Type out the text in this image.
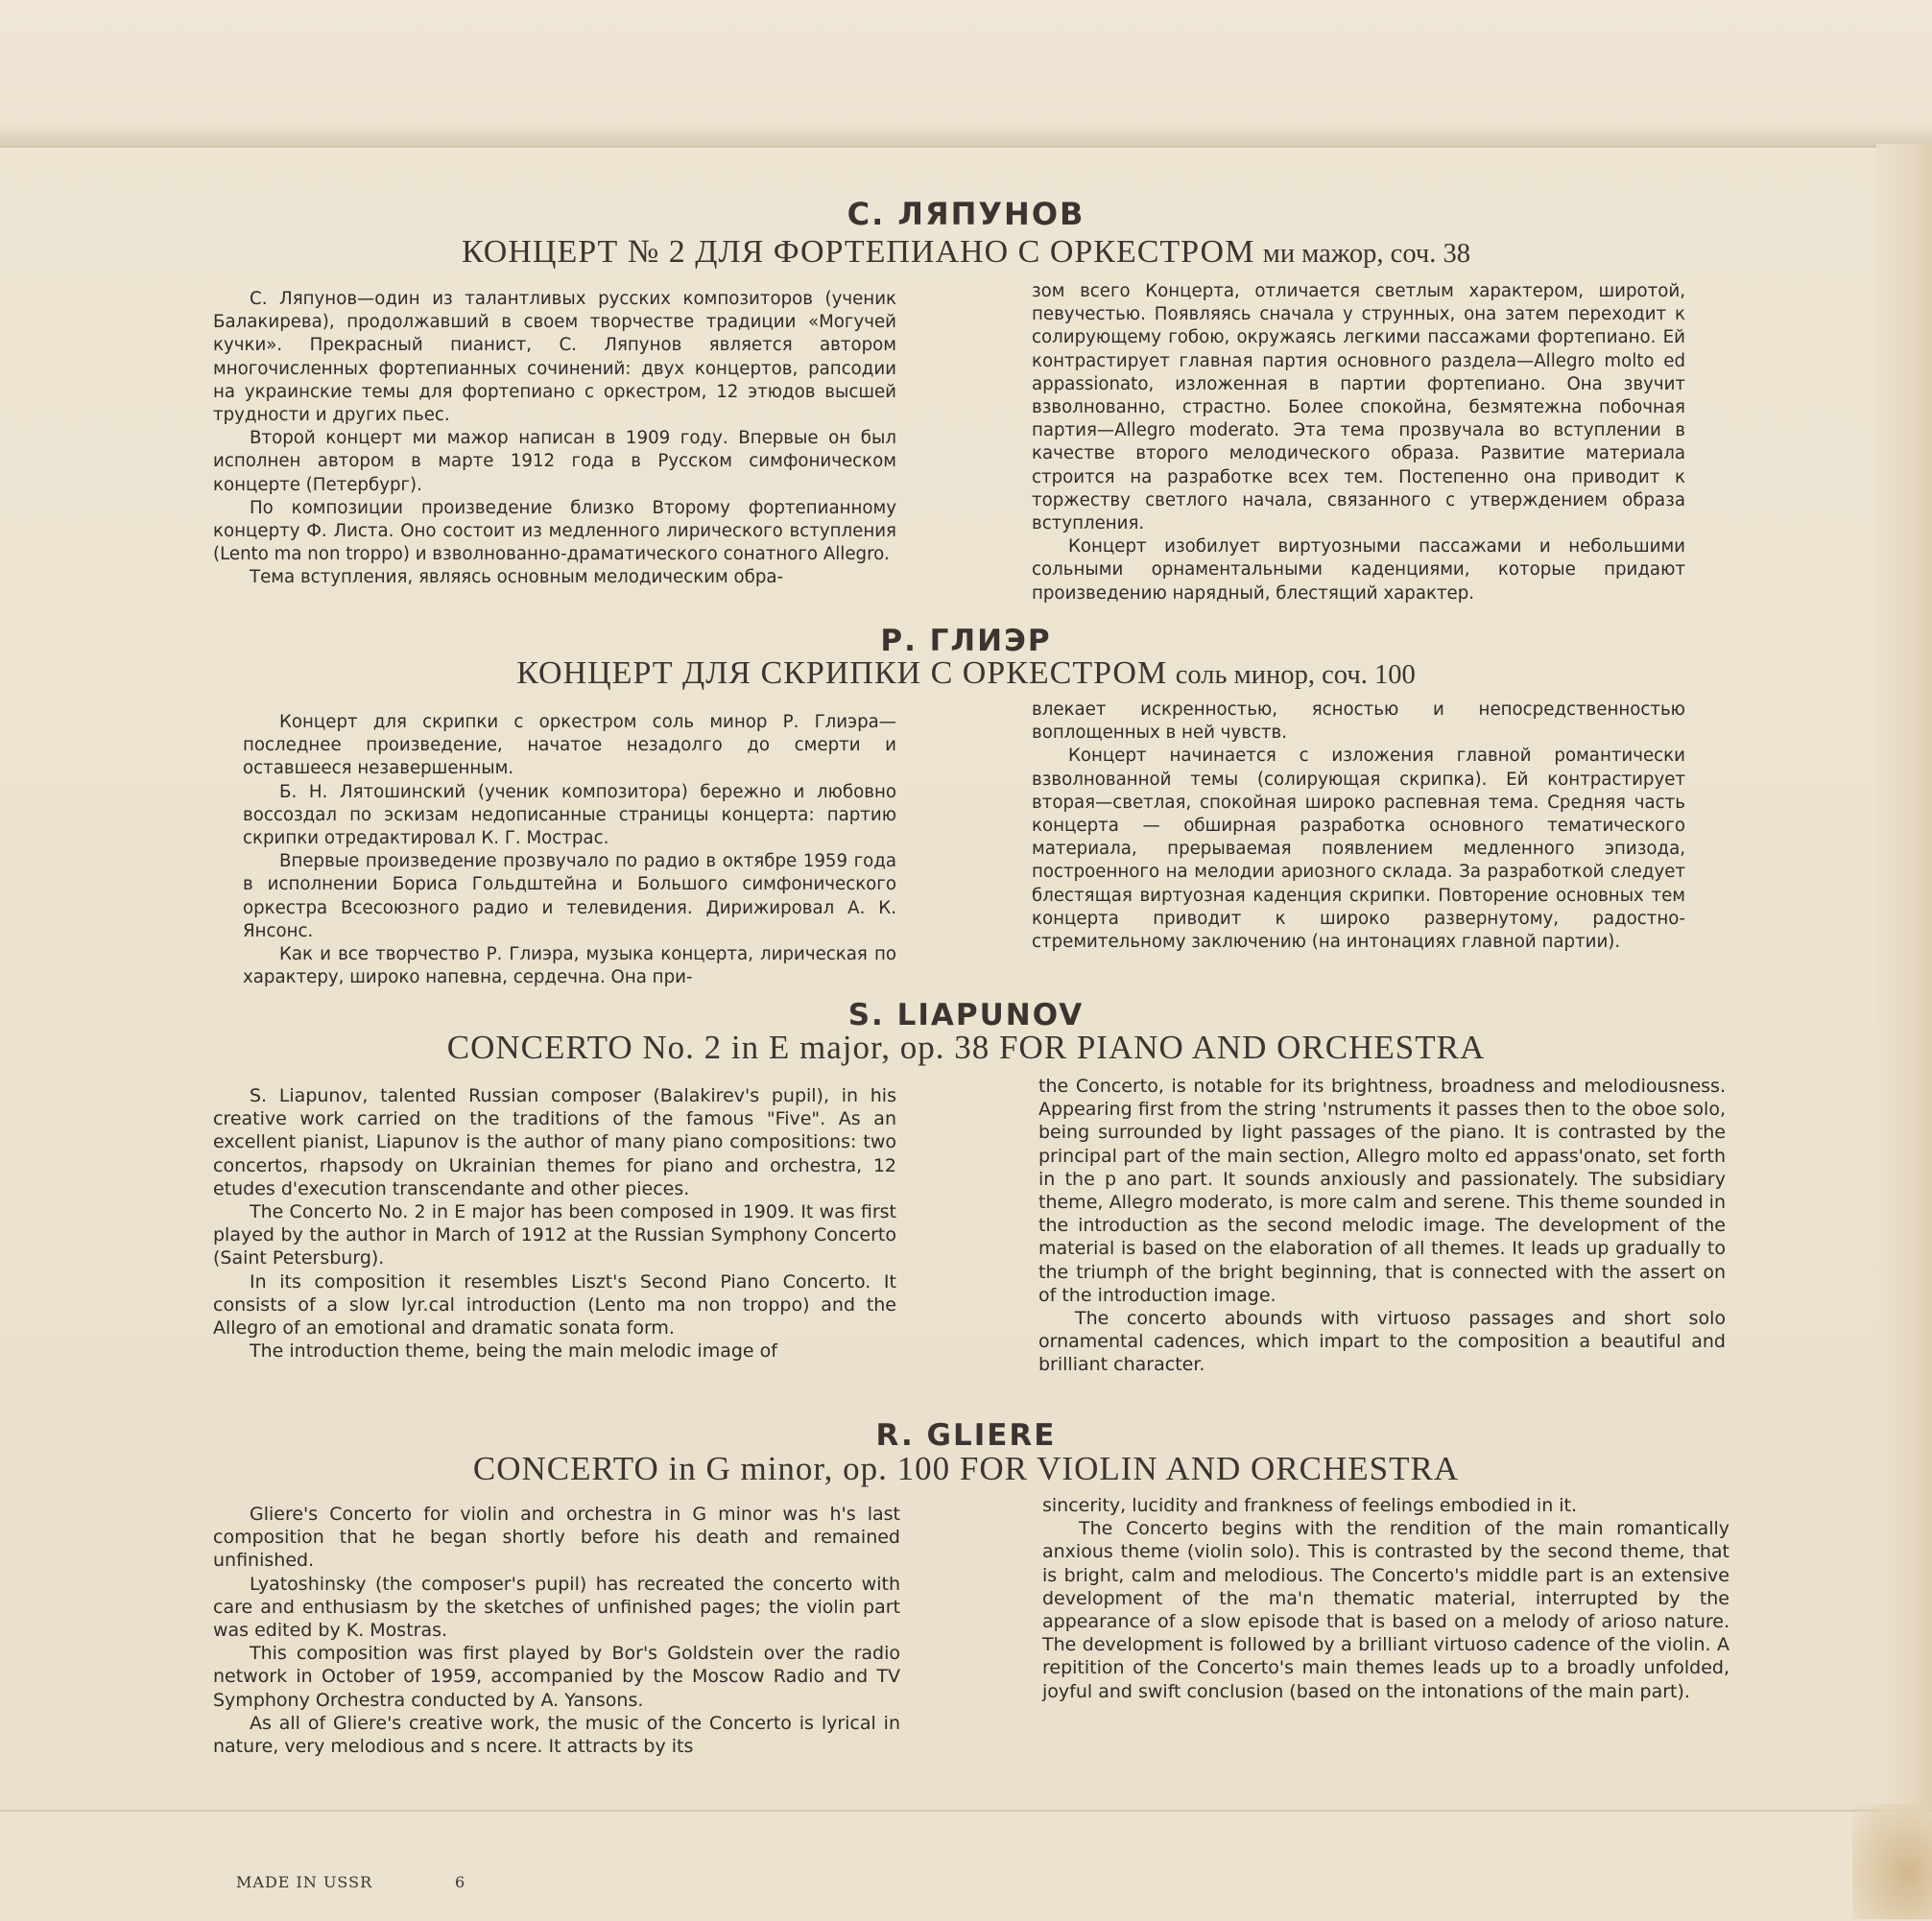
С. ЛЯПУНОВ
КОНЦЕРТ № 2 ДЛЯ ФОРТЕПИАНО С ОРКЕСТРОМ ми мажор, соч. 38

С. Ляпунов—один из талантливых русских композиторов (ученик Балакирева), продолжавший в своем творчестве традиции «Могучей кучки». Прекрасный пианист, С. Ляпунов является автором многочисленных фортепианных сочинений: двух концертов, рапсодии на украинские темы для фортепиано с оркестром, 12 этюдов высшей трудности и других пьес.

Второй концерт ми мажор написан в 1909 году. Впервые он был исполнен автором в марте 1912 года в Русском симфоническом концерте (Петербург).

По композиции произведение близко Второму фортепианному концерту Ф. Листа. Оно состоит из медленного лирического вступления (Lento ma non troppo) и взволнованно-драматического сонатного Allegro.

Тема вступления, являясь основным мелодическим обра-

зом всего Концерта, отличается светлым характером, широтой, певучестью. Появляясь сначала у струнных, она затем переходит к солирующему гобою, окружаясь легкими пассажами фортепиано. Ей контрастирует главная партия основного раздела—Allegro molto ed appassionato, изложенная в партии фортепиано. Она звучит взволнованно, страстно. Более спокойна, безмятежна побочная партия—Allegro moderato. Эта тема прозвучала во вступлении в качестве второго мелодического образа. Развитие материала строится на разработке всех тем. Постепенно она приводит к торжеству светлого начала, связанного с утверждением образа вступления.

Концерт изобилует виртуозными пассажами и небольшими сольными орнаментальными каденциями, которые придают произведению нарядный, блестящий характер.

Р. ГЛИЭР
КОНЦЕРТ ДЛЯ СКРИПКИ С ОРКЕСТРОМ соль минор, соч. 100

Концерт для скрипки с оркестром соль минор Р. Глиэра—последнее произведение, начатое незадолго до смерти и оставшееся незавершенным.

Б. Н. Лятошинский (ученик композитора) бережно и любовно воссоздал по эскизам недописанные страницы концерта: партию скрипки отредактировал К. Г. Мострас.

Впервые произведение прозвучало по радио в октябре 1959 года в исполнении Бориса Гольдштейна и Большого симфонического оркестра Всесоюзного радио и телевидения. Дирижировал А. К. Янсонс.

Как и все творчество Р. Глиэра, музыка концерта, лирическая по характеру, широко напевна, сердечна. Она при-

влекает искренностью, ясностью и непосредственностью воплощенных в ней чувств.

Концерт начинается с изложения главной романтически взволнованной темы (солирующая скрипка). Ей контрастирует вторая—светлая, спокойная широко распевная тема. Средняя часть концерта — обширная разработка основного тематического материала, прерываемая появлением медленного эпизода, построенного на мелодии ариозного склада. За разработкой следует блестящая виртуозная каденция скрипки. Повторение основных тем концерта приводит к широко развернутому, радостно-стремительному заключению (на интонациях главной партии).

S. LIAPUNOV
CONCERTO No. 2 in E major, op. 38 FOR PIANO AND ORCHESTRA

S. Liapunov, talented Russian composer (Balakirev's pupil), in his creative work carried on the traditions of the famous "Five". As an excellent pianist, Liapunov is the author of many piano compositions: two concertos, rhapsody on Ukrainian themes for piano and orchestra, 12 etudes d'execution transcendante and other pieces.

The Concerto No. 2 in E major has been composed in 1909. It was first played by the author in March of 1912 at the Russian Symphony Concerto (Saint Petersburg).

In its composition it resembles Liszt's Second Piano Concerto. It consists of a slow lyr.cal introduction (Lento ma non troppo) and the Allegro of an emotional and dramatic sonata form.

The introduction theme, being the main melodic image of

the Concerto, is notable for its brightness, broadness and melodiousness. Appearing first from the string 'nstruments it passes then to the oboe solo, being surrounded by light passages of the piano. It is contrasted by the principal part of the main section, Allegro molto ed appass'onato, set forth in the p ano part. It sounds anxiously and passionately. The subsidiary theme, Allegro moderato, is more calm and serene. This theme sounded in the introduction as the second melodic image. The development of the material is based on the elaboration of all themes. It leads up gradually to the triumph of the bright beginning, that is connected with the assert on of the introduction image.

The concerto abounds with virtuoso passages and short solo ornamental cadences, which impart to the composition a beautiful and brilliant character.

R. GLIERE
CONCERTO in G minor, op. 100 FOR VIOLIN AND ORCHESTRA

Gliere's Concerto for violin and orchestra in G minor was h's last composition that he began shortly before his death and remained unfinished.

Lyatoshinsky (the composer's pupil) has recreated the concerto with care and enthusiasm by the sketches of unfinished pages; the violin part was edited by K. Mostras.

This composition was first played by Bor's Goldstein over the radio network in October of 1959, accompanied by the Moscow Radio and TV Symphony Orchestra conducted by A. Yansons.

As all of Gliere's creative work, the music of the Concerto is lyrical in nature, very melodious and s ncere. It attracts by its

sincerity, lucidity and frankness of feelings embodied in it.

The Concerto begins with the rendition of the main romantically anxious theme (violin solo). This is contrasted by the second theme, that is bright, calm and melodious. The Concerto's middle part is an extensive development of the ma'n thematic material, interrupted by the appearance of a slow episode that is based on a melody of arioso nature. The development is followed by a brilliant virtuoso cadence of the violin. A repitition of the Concerto's main themes leads up to a broadly unfolded, joyful and swift conclusion (based on the intonations of the main part).

MADE IN USSR	6
